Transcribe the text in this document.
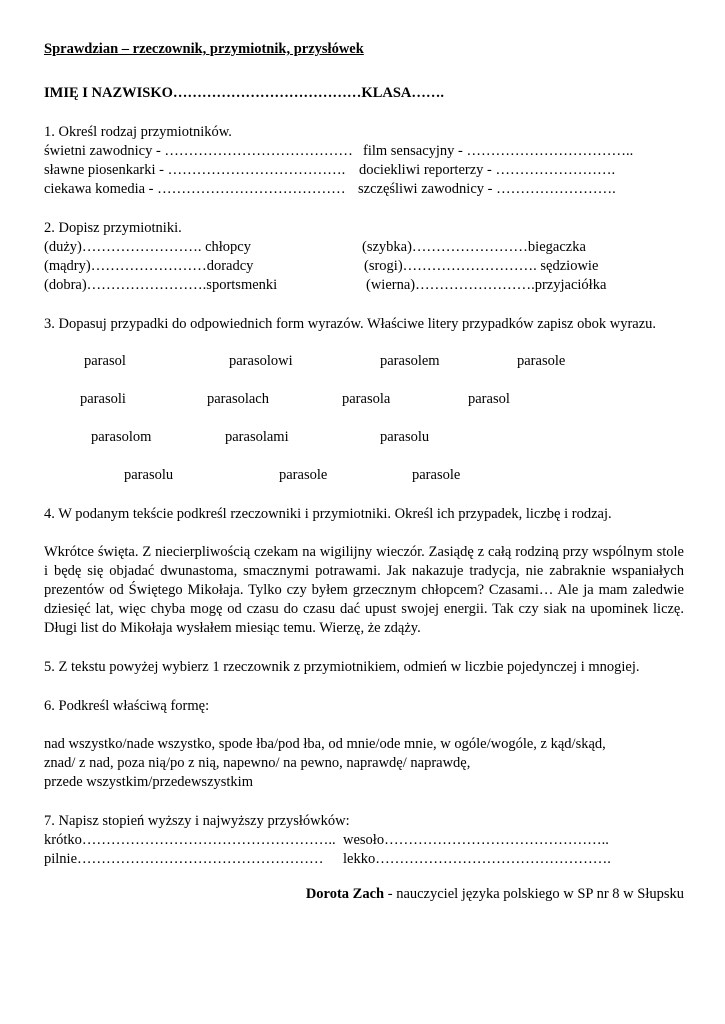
Sprawdzian – rzeczownik, przymiotnik, przysłówek

IMIĘ I NAZWISKO…………………………………KLASA…….

1. Określ rodzaj przymiotników.

świetni zawodnicy - ………………………………… film sensacyjny - ……………………………..
sławne piosenkarki - ………………………………. dociekliwi reporterzy - …………………….
ciekawa komedia - ………………………………… szczęśliwi zawodnicy - …………………….

2. Dopisz przymiotniki.

(duży)……………………. chłopcy	(szybka)……………………biegaczka
(mądry)……………………doradcy	(srogi)………………………. sędziowie
(dobra)…………………….sportsmenki	(wierna)…………………….przyjaciółka

3. Dopasuj przypadki do odpowiednich form wyrazów. Właściwe litery przypadków zapisz obok wyrazu.

parasol	parasolowi	parasolem	parasole
parasoli	parasolach	parasola	parasol
parasolom	parasolami	parasolu
parasolu	parasole	parasole

4. W podanym tekście podkreśl rzeczowniki i przymiotniki. Określ ich przypadek, liczbę i rodzaj.

Wkrótce święta. Z niecierpliwością czekam na wigilijny wieczór. Zasiądę z całą rodziną przy wspólnym stole i będę się objadać dwunastoma, smacznymi potrawami. Jak nakazuje tradycja, nie zabraknie wspaniałych prezentów od Świętego Mikołaja. Tylko czy byłem grzecznym chłopcem? Czasami… Ale ja mam zaledwie dziesięć lat, więc chyba mogę od czasu do czasu dać upust swojej energii. Tak czy siak na upominek liczę. Długi list do Mikołaja wysłałem miesiąc temu. Wierzę, że zdąży.

5. Z tekstu powyżej wybierz 1 rzeczownik z przymiotnikiem, odmień w liczbie pojedynczej i mnogiej.

6. Podkreśl właściwą formę:

nad wszystko/nade wszystko, spode łba/pod łba, od mnie/ode mnie, w ogóle/wogóle, z kąd/skąd,

znad/ z nad, poza nią/po z nią, napewno/ na pewno, naprawdę/ naprawdę,

przede wszystkim/przedewszystkim

7. Napisz stopień wyższy i najwyższy przysłówków:

krótko…………………………………………….. wesoło………………………………………..
pilnie……………………………………………	lekko………………………………………….
Dorota Zach - nauczyciel języka polskiego w SP nr 8 w Słupsku
